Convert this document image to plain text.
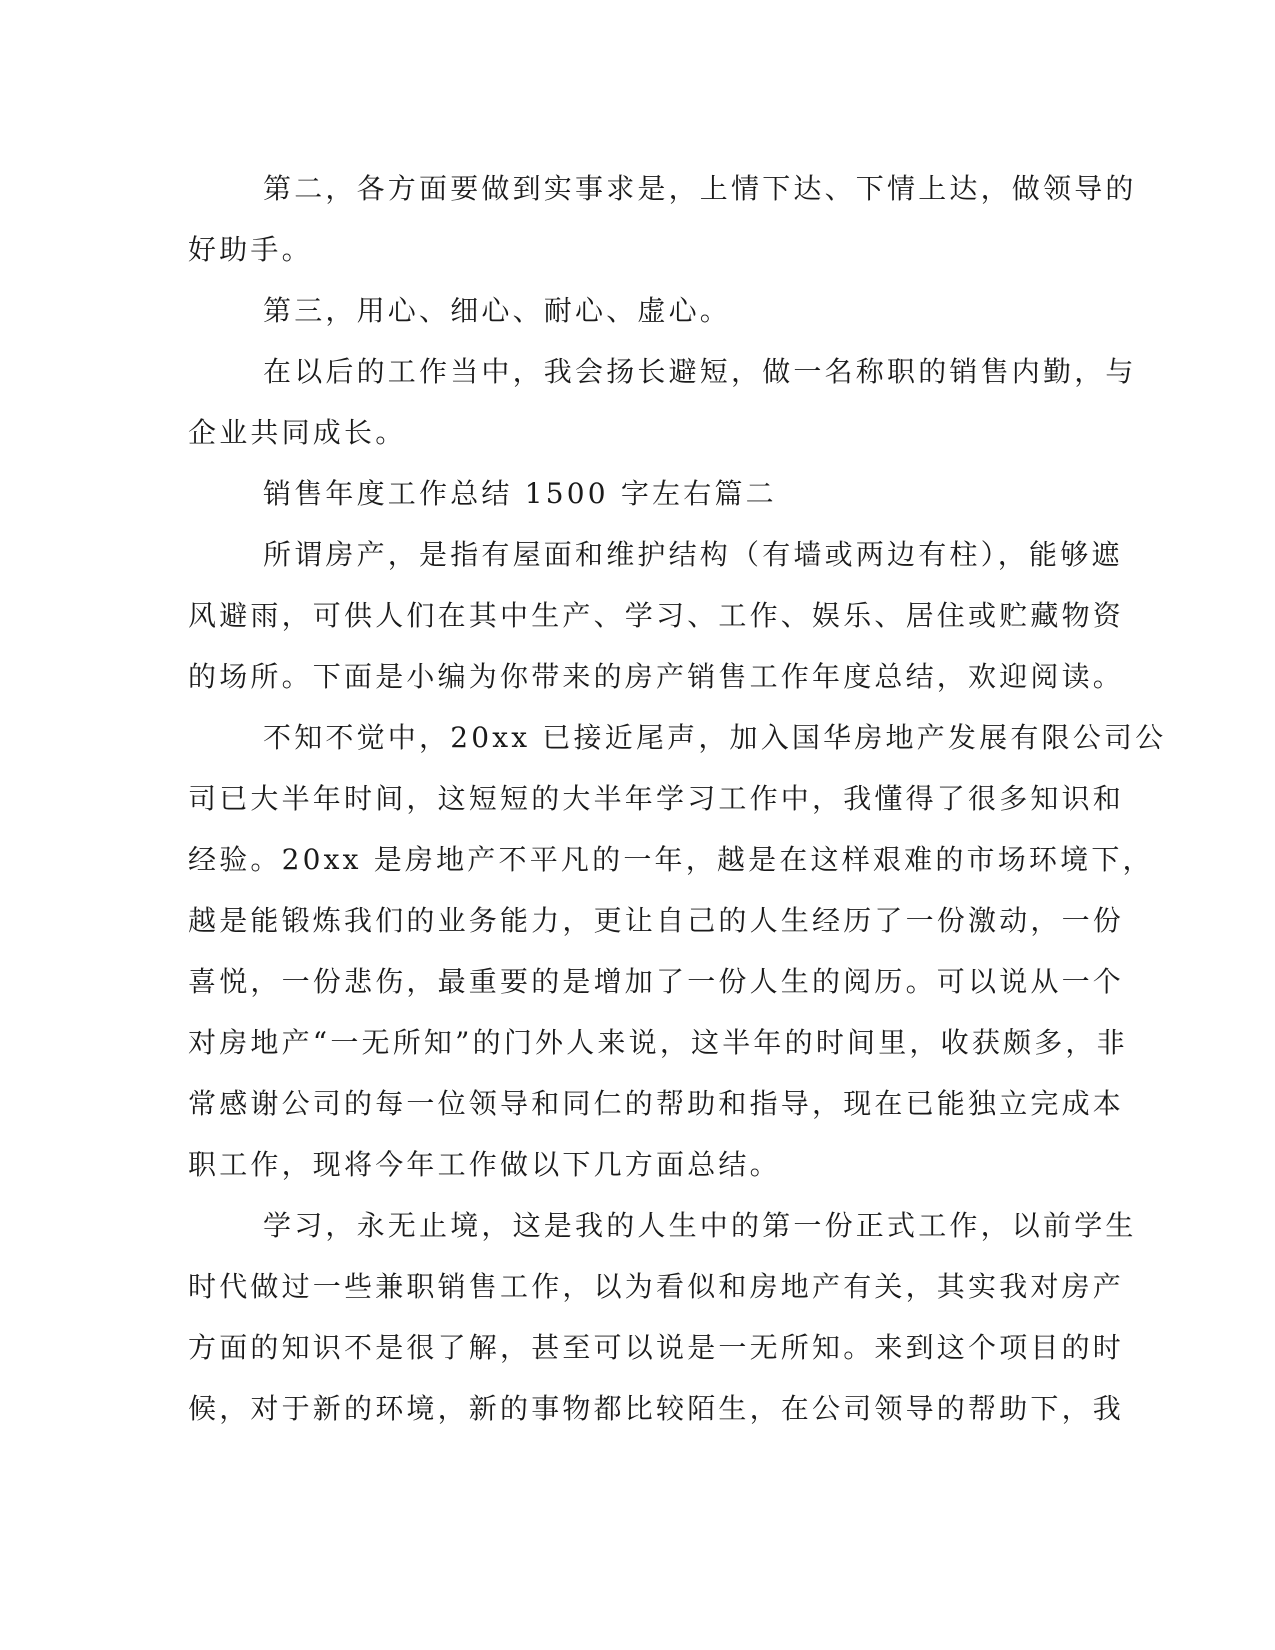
第二，各方面要做到实事求是，上情下达、下情上达，做领导的
好助手。
第三，用心、细心、耐心、虚心。
在以后的工作当中，我会扬长避短，做一名称职的销售内勤，与
企业共同成长。
销售年度工作总结 1500 字左右篇二
所谓房产，是指有屋面和维护结构（有墙或两边有柱），能够遮
风避雨，可供人们在其中生产、学习、工作、娱乐、居住或贮藏物资
的场所。下面是小编为你带来的房产销售工作年度总结，欢迎阅读。
不知不觉中，20xx 已接近尾声，加入国华房地产发展有限公司公
司已大半年时间，这短短的大半年学习工作中，我懂得了很多知识和
经验。20xx 是房地产不平凡的一年，越是在这样艰难的市场环境下，
越是能锻炼我们的业务能力，更让自己的人生经历了一份激动，一份
喜悦，一份悲伤，最重要的是增加了一份人生的阅历。可以说从一个
对房地产“一无所知”的门外人来说，这半年的时间里，收获颇多，非
常感谢公司的每一位领导和同仁的帮助和指导，现在已能独立完成本
职工作，现将今年工作做以下几方面总结。
学习，永无止境，这是我的人生中的第一份正式工作，以前学生
时代做过一些兼职销售工作，以为看似和房地产有关，其实我对房产
方面的知识不是很了解，甚至可以说是一无所知。来到这个项目的时
候，对于新的环境，新的事物都比较陌生，在公司领导的帮助下，我
